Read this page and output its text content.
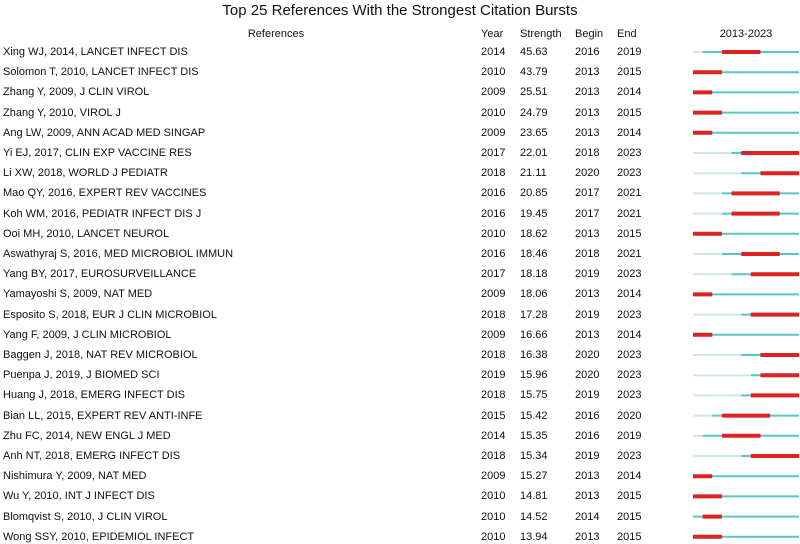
Top 25 References With the Strongest Citation Bursts
References	Year Strength Begin End	2013-2023
Xing WJ, 2014, LANCET INFECT DIS	2014 45.63 2016 2019
Solomon T, 2010, LANCET INFECT DIS	2010 43.79 2013 2015
Zhang Y, 2009, J CLIN VIROL	2009 25.51 2013 2014
Zhang Y, 2010, VIROL J	2010 24.79 2013 2015
Ang LW, 2009, ANN ACAD MED SINGAP	2009 23.65 2013 2014
Yi EJ, 2017, CLIN EXP VACCINE RES	2017 22.01 2018 2023
Li XW, 2018, WORLD J PEDIATR	2018 21.11	2020 2023
Mao QY, 2016, EXPERT REV VACCINES	2016 20.85 2017 2021
Koh WM, 2016, PEDIATR INFECT DIS J	2016 19.45 2017 2021
Ooi MH, 2010, LANCET NEUROL	2010 18.62 2013 2015
Aswathyraj S, 2016, MED MICROBIOL IMMUN	2016 18.46 2018 2021
Yang BY, 2017, EUROSURVEILLANCE	2017 18.18 2019 2023
Yamayoshi S, 2009, NAT MED	2009 18.06 2013 2014
Esposito S, 2018, EUR J CLIN MICROBIOL	2018 17.28 2019 2023
Yang F, 2009, J CLIN MICROBIOL	2009 16.66 2013 2014
Baggen J, 2018, NAT REV MICROBIOL	2018 16.38 2020 2023
Puenpa J, 2019, J BIOMED SCI	2019 15.96 2020 2023
Huang J, 2018, EMERG INFECT DIS	2018 15.75 2019 2023
Bian LL, 2015, EXPERT REV ANTI-INFE	2015 15.42 2016 2020
Zhu FC, 2014, NEW ENGL J MED	2014 15.35 2016 2019
Anh NT, 2018, EMERG INFECT DIS	2018 15.34 2019 2023
Nishimura Y, 2009, NAT MED	2009 15.27 2013 2014
Wu Y, 2010, INT J INFECT DIS	2010 14.81 2013 2015
Blomqvist S, 2010, J CLIN VIROL	2010 14.52 2014 2015
Wong SSY, 2010, EPIDEMIOL INFECT	2010 13.94 2013 2015
